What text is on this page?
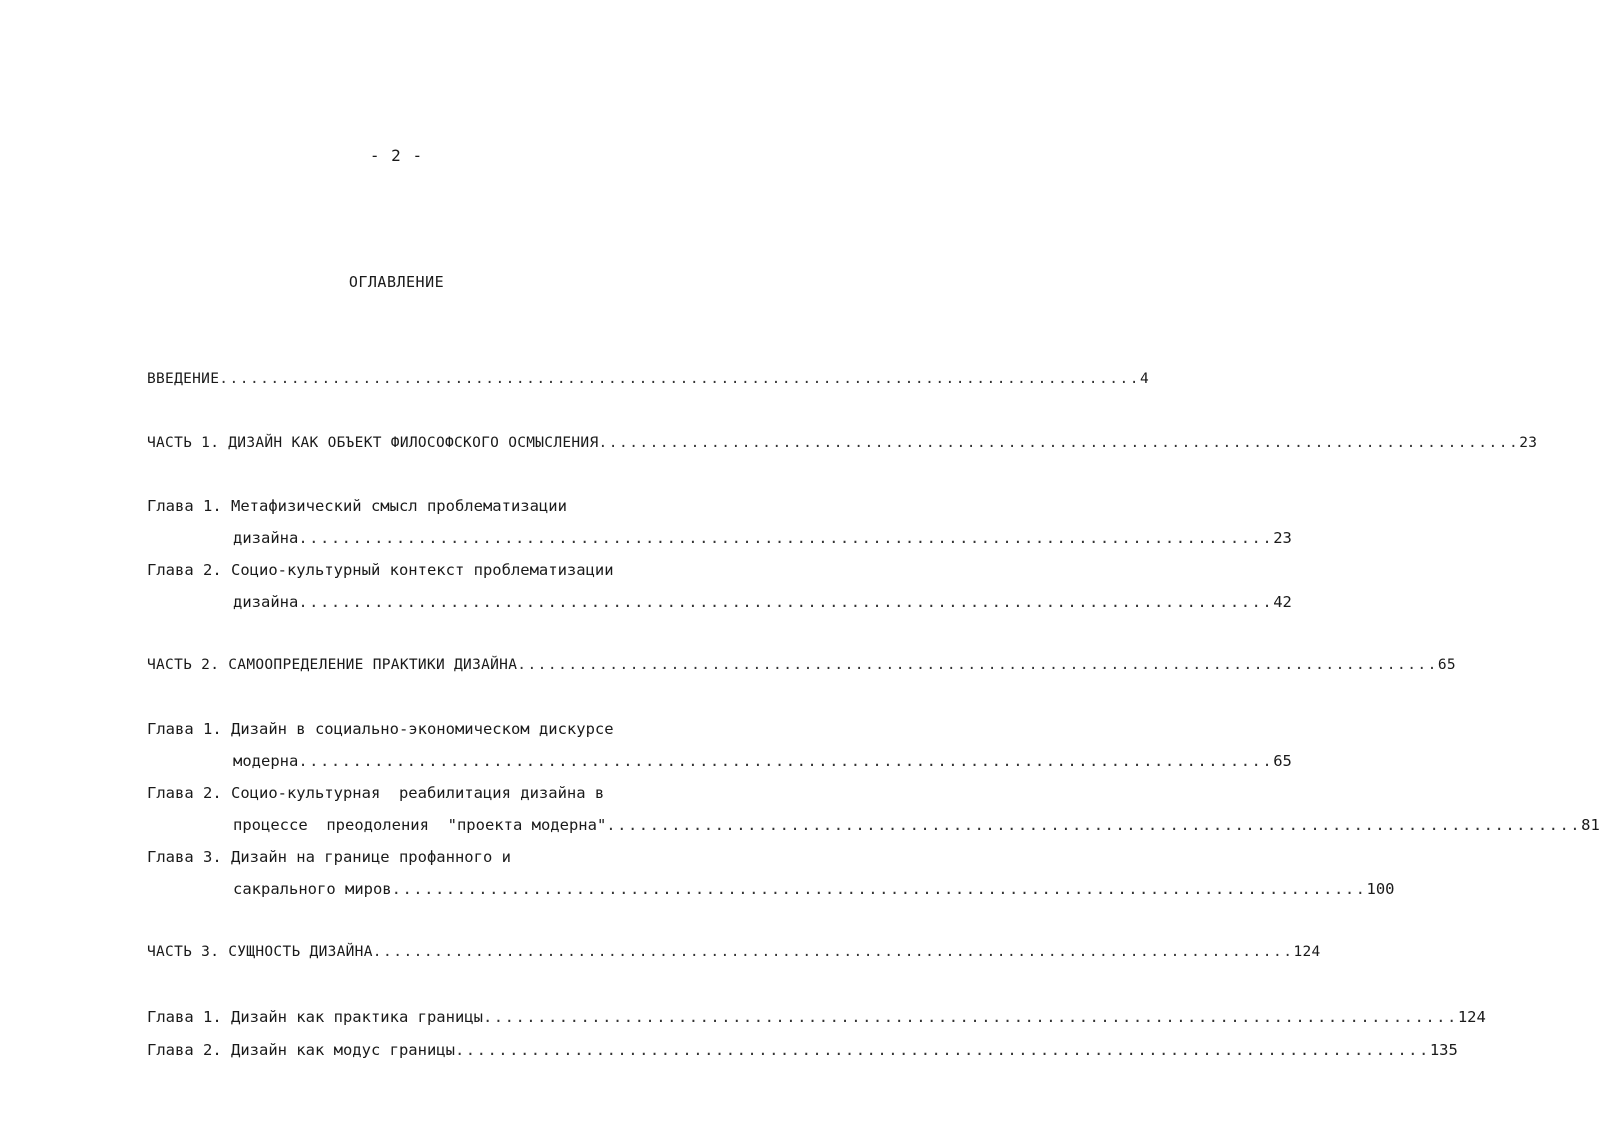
- 2 -
ОГЛАВЛЕНИЕ
ВВЕДЕНИЕ .......................................................................................... 4
ЧАСТЬ 1. ДИЗАЙН КАК ОБЪЕКТ ФИЛОСОФСКОГО ОСМЫСЛЕНИЯ .......................................................................................... 23
Глава 1. Метафизический смысл проблематизации
дизайна .......................................................................................... 23
Глава 2. Социо-культурный контекст проблематизации
дизайна .......................................................................................... 42
ЧАСТЬ 2. САМООПРЕДЕЛЕНИЕ ПРАКТИКИ ДИЗАЙНА .......................................................................................... 65
Глава 1. Дизайн в социально-экономическом дискурсе
модерна .......................................................................................... 65
Глава 2. Социо-культурная  реабилитация дизайна в
процессе  преодоления  "проекта модерна" .......................................................................................... 81
Глава 3. Дизайн на границе профанного и
сакрального миров .......................................................................................... 100
ЧАСТЬ 3. СУЩНОСТЬ ДИЗАЙНА .......................................................................................... 124
Глава 1. Дизайн как практика границы .......................................................................................... 124
Глава 2. Дизайн как модус границы .......................................................................................... 135
